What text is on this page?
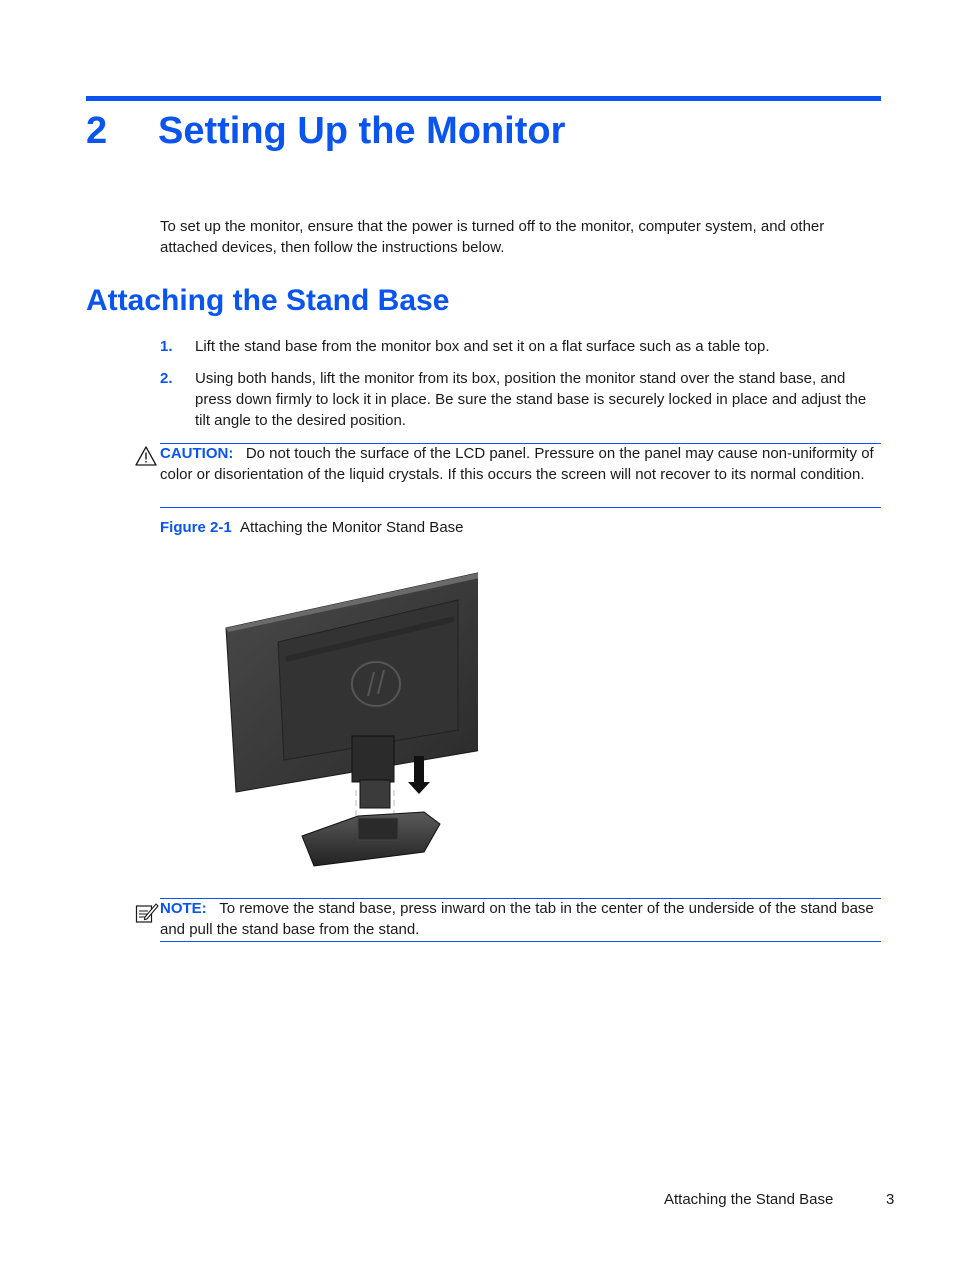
2 Setting Up the Monitor

To set up the monitor, ensure that the power is turned off to the monitor, computer system, and other attached devices, then follow the instructions below.

Attaching the Stand Base
1.	Lift the stand base from the monitor box and set it on a flat surface such as a table top.
2.	Using both hands, lift the monitor from its box, position the monitor stand over the stand base, and press down firmly to lock it in place. Be sure the stand base is securely locked in place and adjust the tilt angle to the desired position.

CAUTION: Do not touch the surface of the LCD panel. Pressure on the panel may cause non-uniformity of color or disorientation of the liquid crystals. If this occurs the screen will not recover to its normal condition.

Figure 2-1 Attaching the Monitor Stand Base

NOTE: To remove the stand base, press inward on the tab in the center of the underside of the stand base and pull the stand base from the stand.

Attaching the Stand Base	3
